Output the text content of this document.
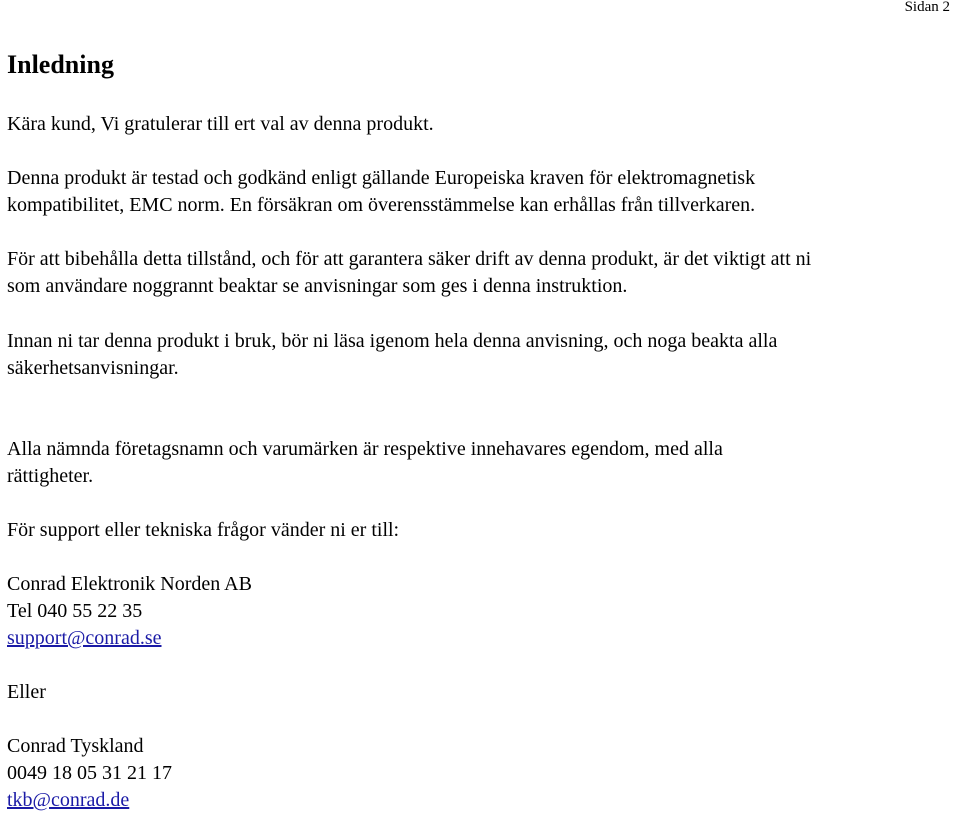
Sidan 2
Inledning

Kära kund, Vi gratulerar till ert val av denna produkt.

Denna produkt är testad och godkänd enligt gällande Europeiska kraven för elektromagnetisk
kompatibilitet, EMC norm. En försäkran om överensstämmelse kan erhållas från tillverkaren.

För att bibehålla detta tillstånd, och för att garantera säker drift av denna produkt, är det viktigt att ni
som användare noggrannt beaktar se anvisningar som ges i denna instruktion.

Innan ni tar denna produkt i bruk, bör ni läsa igenom hela denna anvisning, och noga beakta alla
säkerhetsanvisningar.

Alla nämnda företagsnamn och varumärken är respektive innehavares egendom, med alla
rättigheter.

För support eller tekniska frågor vänder ni er till:

Conrad Elektronik Norden AB
Tel 040 55 22 35
support@conrad.se

Eller

Conrad Tyskland
0049 18 05 31 21 17
tkb@conrad.de
